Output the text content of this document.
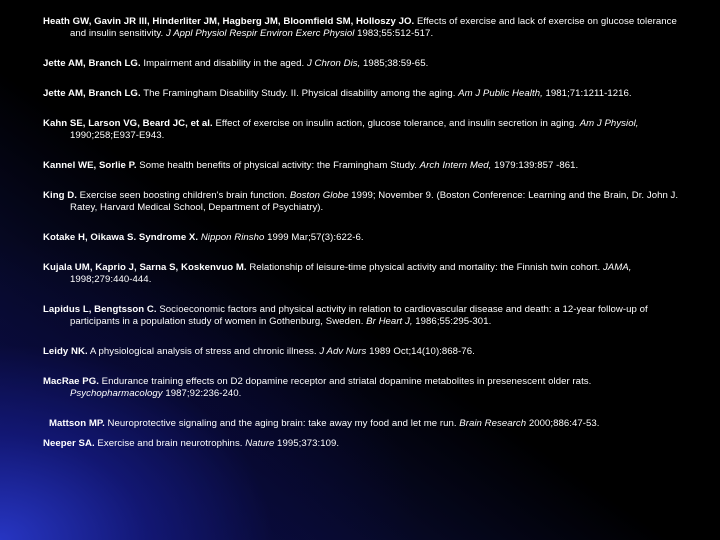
Heath GW, Gavin JR III, Hinderliter JM, Hagberg JM, Bloomfield SM, Holloszy JO. Effects of exercise and lack of exercise on glucose tolerance and insulin sensitivity. J Appl Physiol Respir Environ Exerc Physiol 1983;55:512-517.
Jette AM, Branch LG. Impairment and disability in the aged. J Chron Dis, 1985;38:59-65.
Jette AM, Branch LG. The Framingham Disability Study. II. Physical disability among the aging. Am J Public Health, 1981;71:1211-1216.
Kahn SE, Larson VG, Beard JC, et al. Effect of exercise on insulin action, glucose tolerance, and insulin secretion in aging. Am J Physiol, 1990;258;E937-E943.
Kannel WE, Sorlie P. Some health benefits of physical activity: the Framingham Study. Arch Intern Med, 1979:139:857 -861.
King D. Exercise seen boosting children's brain function. Boston Globe 1999; November 9. (Boston Conference: Learning and the Brain, Dr. John J. Ratey, Harvard Medical School, Department of Psychiatry).
Kotake H, Oikawa S. Syndrome X. Nippon Rinsho 1999 Mar;57(3):622-6.
Kujala UM, Kaprio J, Sarna S, Koskenvuo M. Relationship of leisure-time physical activity and mortality: the Finnish twin cohort. JAMA, 1998;279:440-444.
Lapidus L, Bengtsson C. Socioeconomic factors and physical activity in relation to cardiovascular disease and death: a 12-year follow-up of participants in a population study of women in Gothenburg, Sweden. Br Heart J, 1986;55:295-301.
Leidy NK. A physiological analysis of stress and chronic illness. J Adv Nurs 1989 Oct;14(10):868-76.
MacRae PG. Endurance training effects on D2 dopamine receptor and striatal dopamine metabolites in presenescent older rats. Psychopharmacology 1987;92:236-240.
Mattson MP. Neuroprotective signaling and the aging brain: take away my food and let me run. Brain Research 2000;886:47-53.
Neeper SA. Exercise and brain neurotrophins. Nature 1995;373:109.
